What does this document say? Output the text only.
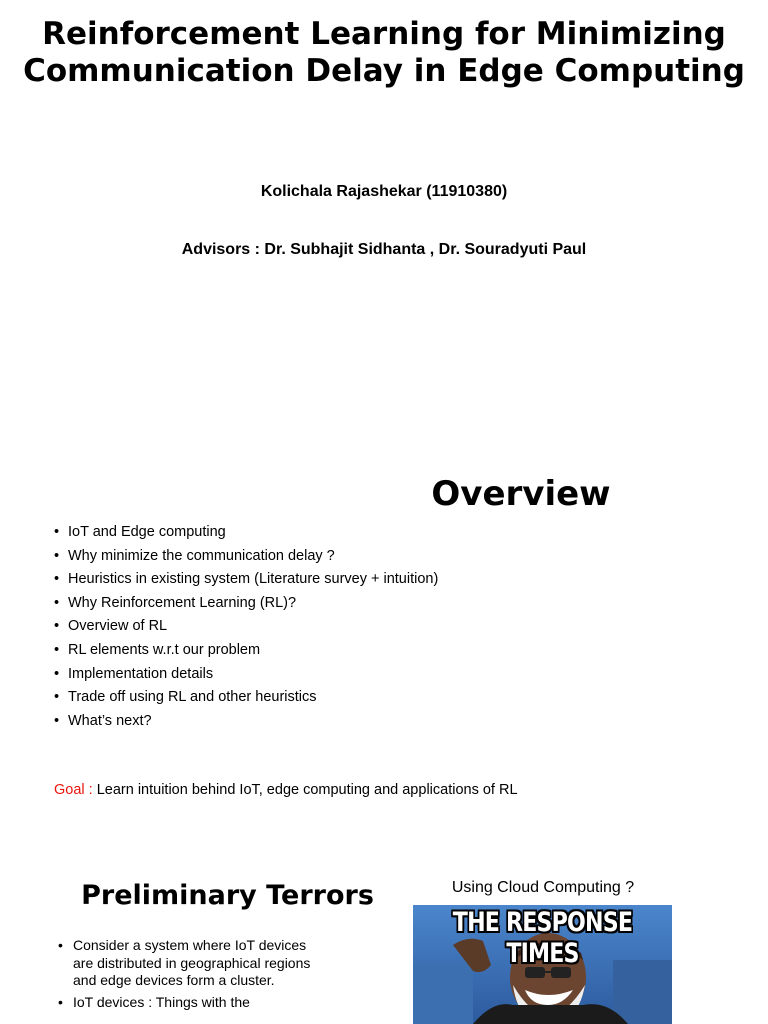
Reinforcement Learning for Minimizing Communication Delay in Edge Computing
Kolichala Rajashekar (11910380)
Advisors : Dr. Subhajit Sidhanta , Dr. Souradyuti Paul
Overview
• IoT and Edge computing
• Why minimize the communication delay ?
• Heuristics in existing system (Literature survey + intuition)
• Why Reinforcement Learning (RL)?
• Overview of RL
• RL elements w.r.t our problem
• Implementation details
• Trade off using RL and other heuristics
• What’s next?
Goal : Learn intuition behind IoT, edge computing and applications of RL
Preliminary Terrors
• Consider a system where IoT devices are distributed in geographical regions and edge devices form a cluster.
• IoT devices : Things with the
Using Cloud Computing ?
THE RESPONSE TIMES
